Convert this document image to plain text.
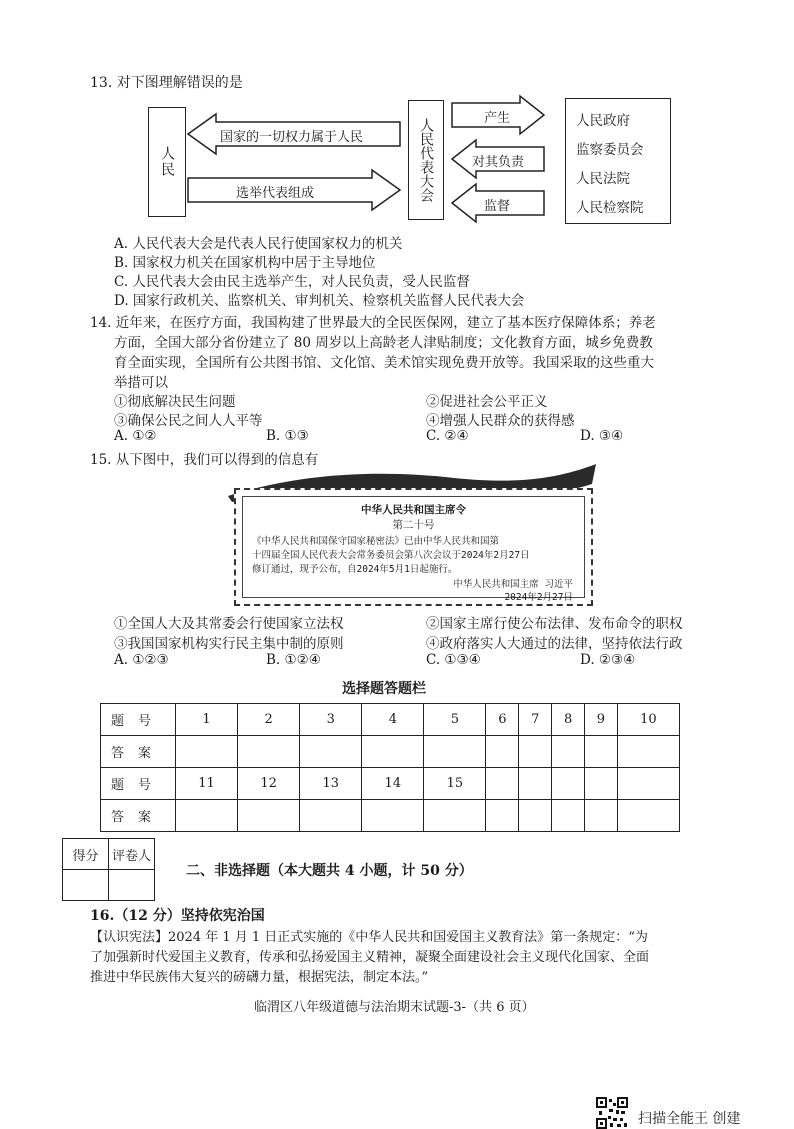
13. 对下图理解错误的是
人民
国家的一切权力属于人民
选举代表组成	人民代表大会	产生
对其负责
监督
人民政府
监察委员会
人民法院
人民检察院
A. 人民代表大会是代表人民行使国家权力的机关
B. 国家权力机关在国家机构中居于主导地位
C. 人民代表大会由民主选举产生，对人民负责，受人民监督
D. 国家行政机关、监察机关、审判机关、检察机关监督人民代表大会
14. 近年来，在医疗方面，我国构建了世界最大的全民医保网，建立了基本医疗保障体系；养老
方面，全国大部分省份建立了 80 周岁以上高龄老人津贴制度；文化教育方面，城乡免费教
育全面实现，全国所有公共图书馆、文化馆、美术馆实现免费开放等。我国采取的这些重大
举措可以
①彻底解决民生问题	②促进社会公平正义
③确保公民之间人人平等	④增强人民群众的获得感
A. ①②	B. ①③	C. ②④	D. ③④
15. 从下图中，我们可以得到的信息有
中华人民共和国主席令
第二十号
《中华人民共和国保守国家秘密法》已由中华人民共和国第
十四届全国人民代表大会常务委员会第八次会议于2024年2月27日
修订通过，现予公布，自2024年5月1日起施行。
中华人民共和国主席 习近平
2024年2月27日
①全国人大及其常委会行使国家立法权	②国家主席行使公布法律、发布命令的职权
③我国国家机构实行民主集中制的原则	④政府落实人大通过的法律，坚持依法行政
A. ①②③	B. ①②④	C. ①③④	D. ②③④
选择题答题栏
题号	1	2	3	4	5	6	7	8	9	10
答案										
题号	11	12	13	14	15					
答案										
得分	评卷人

二、非选择题（本大题共 4 小题，计 50 分）
16.（12 分）坚持依宪治国
【认识宪法】2024 年 1 月 1 日正式实施的《中华人民共和国爱国主义教育法》第一条规定：“为
了加强新时代爱国主义教育，传承和弘扬爱国主义精神，凝聚全面建设社会主义现代化国家、全面
推进中华民族伟大复兴的磅礴力量，根据宪法，制定本法。”
临渭区八年级道德与法治期末试题-3-（共 6 页）
扫描全能王 创建
